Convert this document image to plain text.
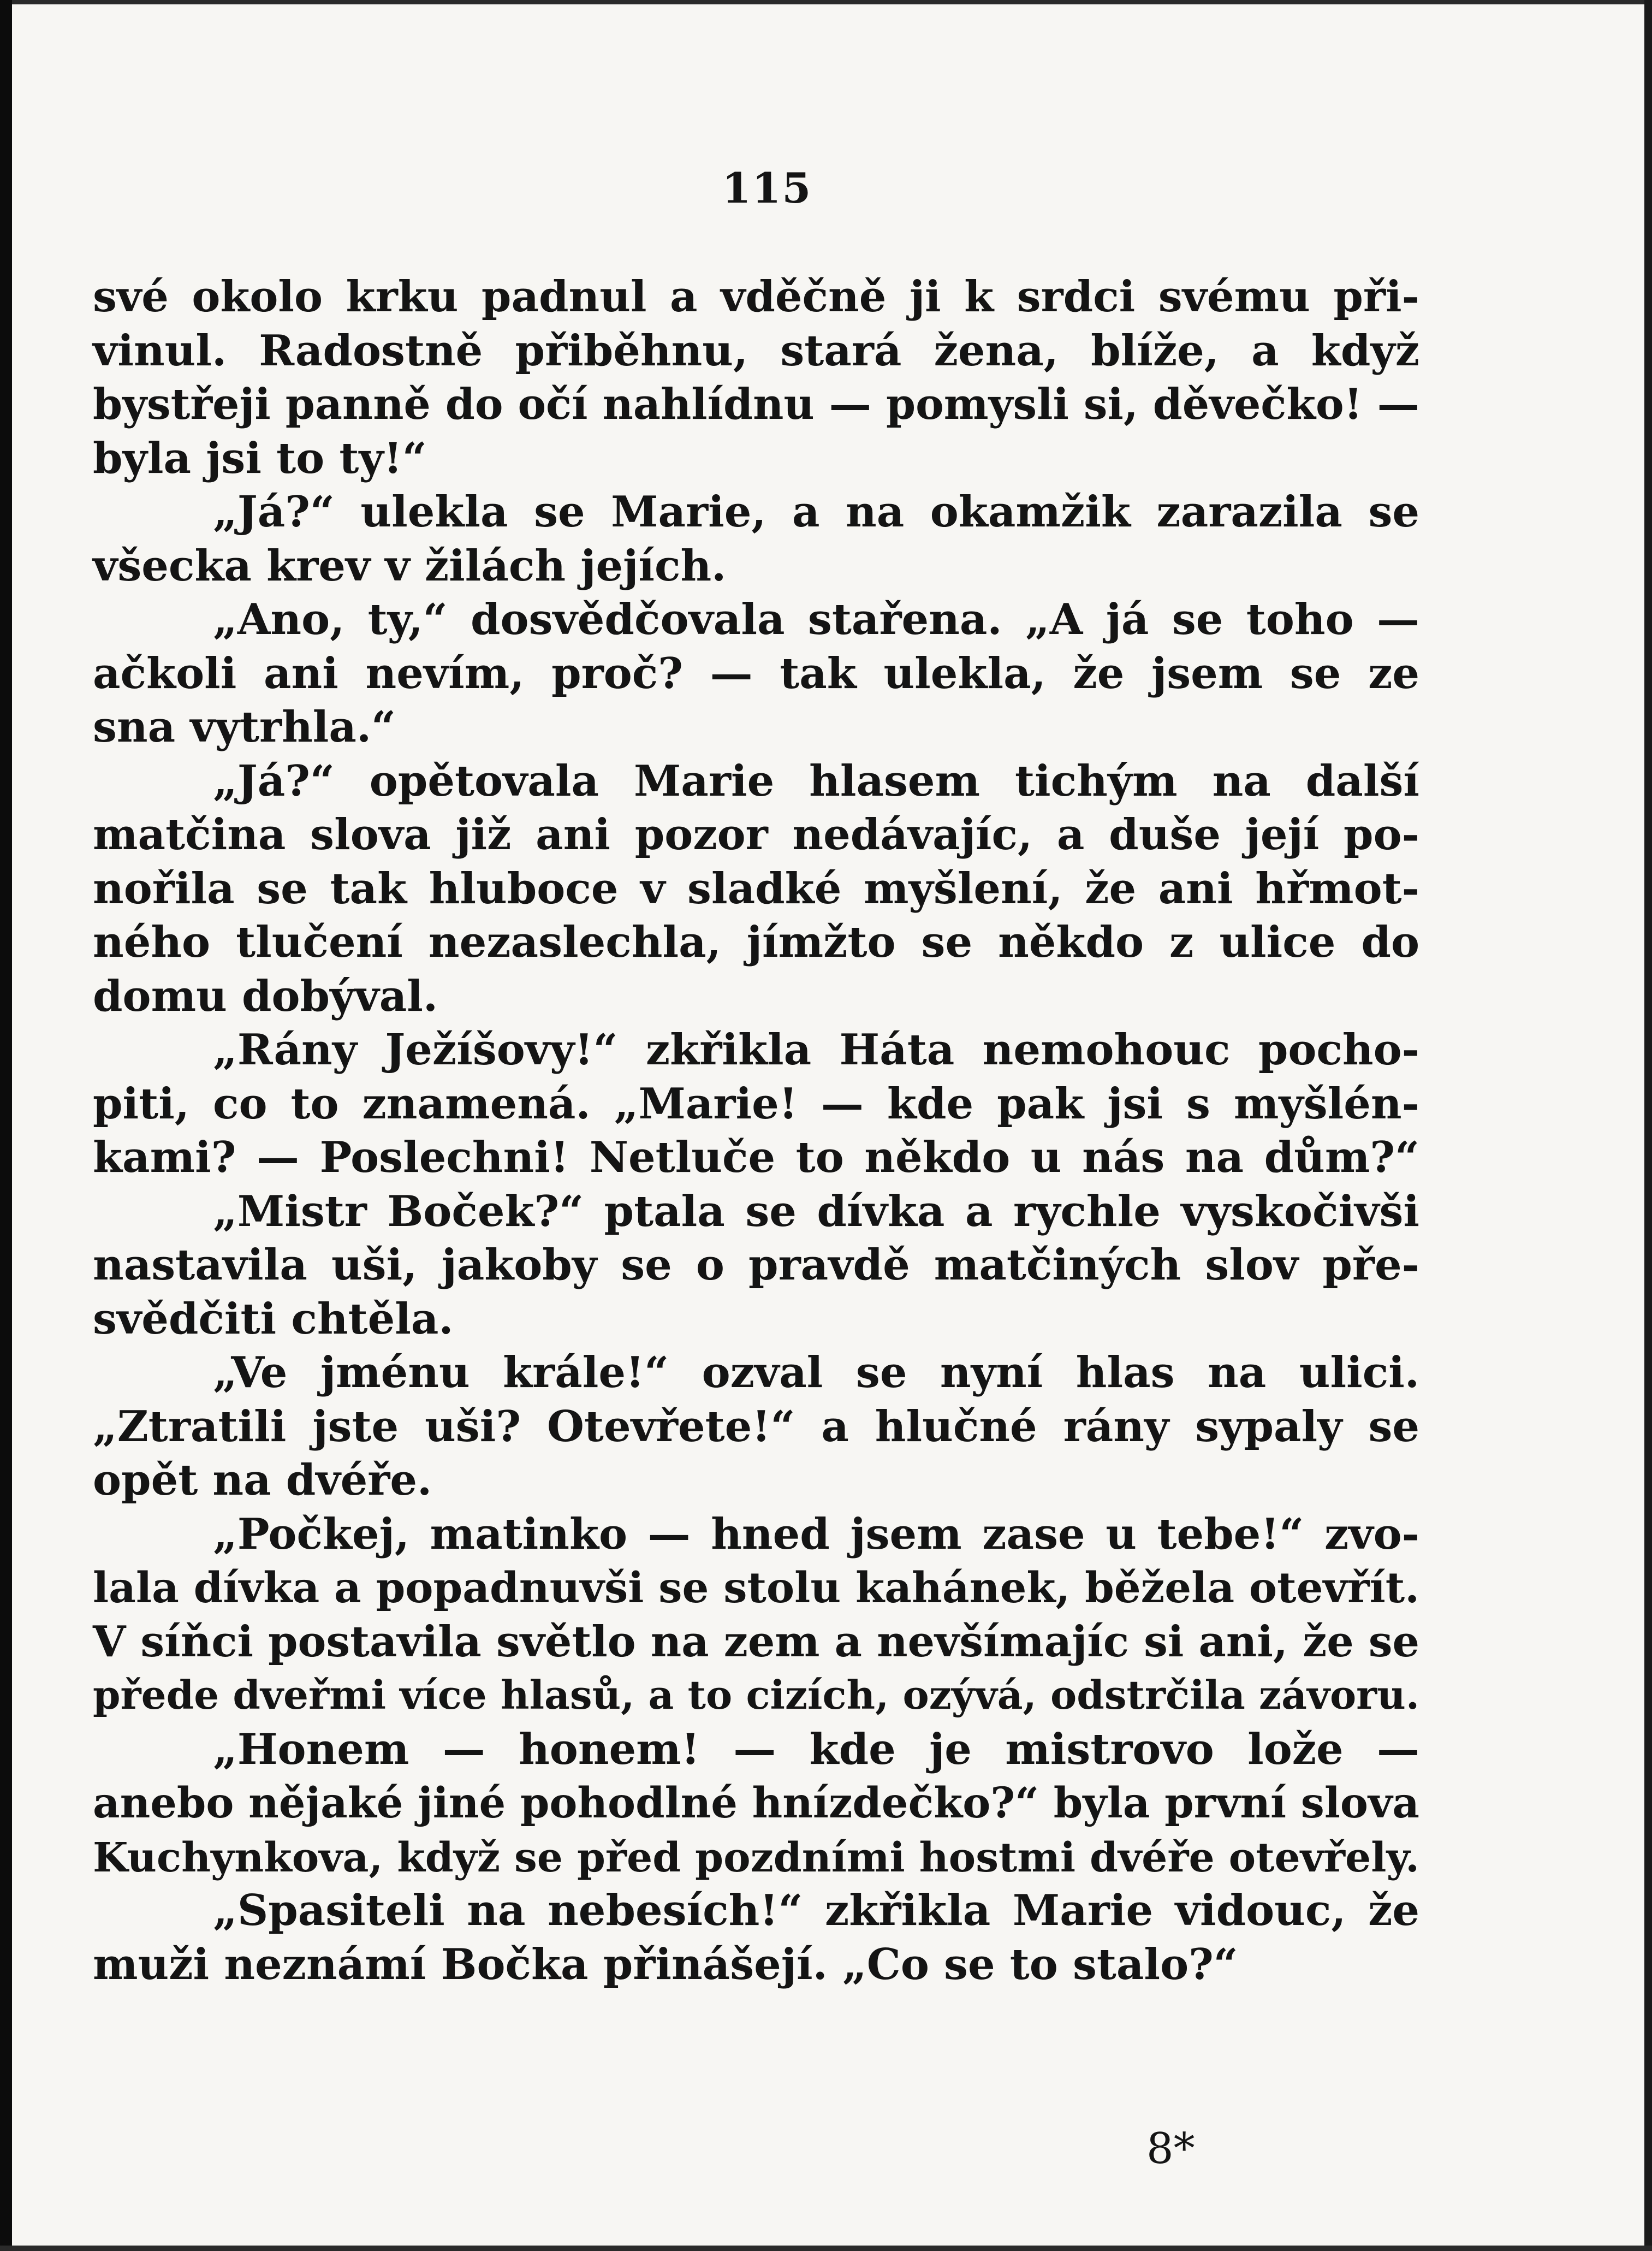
115
své okolo krku padnul a vděčně ji k srdci svému při-
vinul. Radostně přiběhnu, stará žena, blíže, a když
bystřeji panně do očí nahlídnu — pomysli si, děvečko! —
byla jsi to ty!“
„Já?“ ulekla se Marie, a na okamžik zarazila se
všecka krev v žilách jejích.
„Ano, ty,“ dosvědčovala stařena. „A já se toho —
ačkoli ani nevím, proč? — tak ulekla, že jsem se ze
sna vytrhla.“
„Já?“ opětovala Marie hlasem tichým na další
matčina slova již ani pozor nedávajíc, a duše její po-
nořila se tak hluboce v sladké myšlení, že ani hřmot-
ného tlučení nezaslechla, jímžto se někdo z ulice do
domu dobýval.
„Rány Ježíšovy!“ zkřikla Háta nemohouc pocho-
piti, co to znamená. „Marie! — kde pak jsi s myšlén-
kami? — Poslechni! Netluče to někdo u nás na dům?“
„Mistr Boček?“ ptala se dívka a rychle vyskočivši
nastavila uši, jakoby se o pravdě matčiných slov pře-
svědčiti chtěla.
„Ve jménu krále!“ ozval se nyní hlas na ulici.
„Ztratili jste uši? Otevřete!“ a hlučné rány sypaly se
opět na dvéře.
„Počkej, matinko — hned jsem zase u tebe!“ zvo-
lala dívka a popadnuvši se stolu kahánek, běžela otevřít.
V síňci postavila světlo na zem a nevšímajíc si ani, že se
přede dveřmi více hlasů, a to cizích, ozývá, odstrčila závoru.
„Honem — honem! — kde je mistrovo lože —
anebo nějaké jiné pohodlné hnízdečko?“ byla první slova
Kuchynkova, když se před pozdními hostmi dvéře otevřely.
„Spasiteli na nebesích!“ zkřikla Marie vidouc, že
muži neznámí Bočka přinášejí. „Co se to stalo?“
8*
